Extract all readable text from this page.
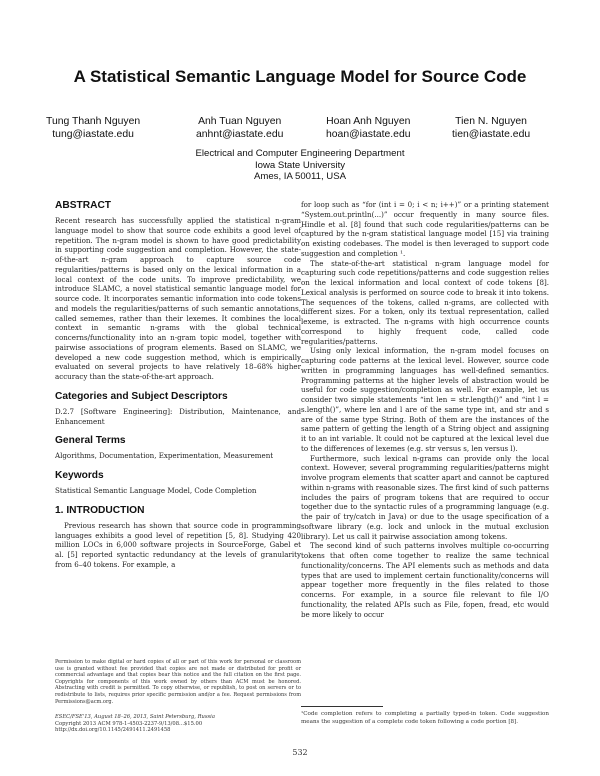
A Statistical Semantic Language Model for Source Code
Tung Thanh Nguyen
tung@iastate.edu
Anh Tuan Nguyen
anhnt@iastate.edu
Hoan Anh Nguyen
hoan@iastate.edu
Tien N. Nguyen
tien@iastate.edu
Electrical and Computer Engineering Department
Iowa State University
Ames, IA 50011, USA
ABSTRACT

Recent research has successfully applied the statistical n-gram language model to show that source code exhibits a good level of repetition. The n-gram model is shown to have good predictability in supporting code suggestion and completion. However, the state-of-the-art n-gram approach to capture source code regularities/patterns is based only on the lexical information in a local context of the code units. To improve predictability, we introduce SLAMC, a novel statistical semantic language model for source code. It incorporates semantic information into code tokens and models the regularities/patterns of such semantic annotations, called sememes, rather than their lexemes. It combines the local context in semantic n-grams with the global technical concerns/functionality into an n-gram topic model, together with pairwise associations of program elements. Based on SLAMC, we developed a new code suggestion method, which is empirically evaluated on several projects to have relatively 18–68% higher accuracy than the state-of-the-art approach.

Categories and Subject Descriptors

D.2.7 [Software Engineering]: Distribution, Maintenance, and Enhancement

General Terms

Algorithms, Documentation, Experimentation, Measurement

Keywords

Statistical Semantic Language Model, Code Completion

1. INTRODUCTION

Previous research has shown that source code in programming languages exhibits a good level of repetition [5, 8]. Studying 420 million LOCs in 6,000 software projects in SourceForge, Gabel et al. [5] reported syntactic redundancy at the levels of granularity from 6–40 tokens. For example, a

Permission to make digital or hard copies of all or part of this work for personal or classroom use is granted without fee provided that copies are not made or distributed for profit or commercial advantage and that copies bear this notice and the full citation on the first page. Copyrights for components of this work owned by others than ACM must be honored. Abstracting with credit is permitted. To copy otherwise, or republish, to post on servers or to redistribute to lists, requires prior specific permission and/or a fee. Request permissions from Permissions@acm.org.
ESEC/FSE'13, August 18–26, 2013, Saint Petersburg, Russia
Copyright 2013 ACM 978-1-4503-2237-9/13/08...$15.00
http://dx.doi.org/10.1145/2491411.2491458

for loop such as “for (int i = 0; i < n; i++)” or a printing statement “System.out.println(...)” occur frequently in many source files. Hindle et al. [8] found that such code regularities/patterns can be captured by the n-gram statistical language model [15] via training on existing codebases. The model is then leveraged to support code suggestion and completion ¹.

The state-of-the-art statistical n-gram language model for capturing such code repetitions/patterns and code suggestion relies on the lexical information and local context of code tokens [8]. Lexical analysis is performed on source code to break it into tokens. The sequences of the tokens, called n-grams, are collected with different sizes. For a token, only its textual representation, called lexeme, is extracted. The n-grams with high occurrence counts correspond to highly frequent code, called code regularities/patterns.

Using only lexical information, the n-gram model focuses on capturing code patterns at the lexical level. However, source code written in programming languages has well-defined semantics. Programming patterns at the higher levels of abstraction would be useful for code suggestion/completion as well. For example, let us consider two simple statements “int len = str.length()” and “int l = s.length()”, where len and l are of the same type int, and str and s are of the same type String. Both of them are the instances of the same pattern of getting the length of a String object and assigning it to an int variable. It could not be captured at the lexical level due to the differences of lexemes (e.g. str versus s, len versus l).

Furthermore, such lexical n-grams can provide only the local context. However, several programming regularities/patterns might involve program elements that scatter apart and cannot be captured within n-grams with reasonable sizes. The first kind of such patterns includes the pairs of program tokens that are required to occur together due to the syntactic rules of a programming language (e.g. the pair of try/catch in Java) or due to the usage specification of a software library (e.g. lock and unlock in the mutual exclusion library). Let us call it pairwise association among tokens.

The second kind of such patterns involves multiple co-occurring tokens that often come together to realize the same technical functionality/concerns. The API elements such as methods and data types that are used to implement certain functionality/concerns will appear together more frequently in the files related to those concerns. For example, in a source file relevant to file I/O functionality, the related APIs such as File, fopen, fread, etc would be more likely to occur

¹Code completion refers to completing a partially typed-in token. Code suggestion means the suggestion of a complete code token following a code portion [8].
532
